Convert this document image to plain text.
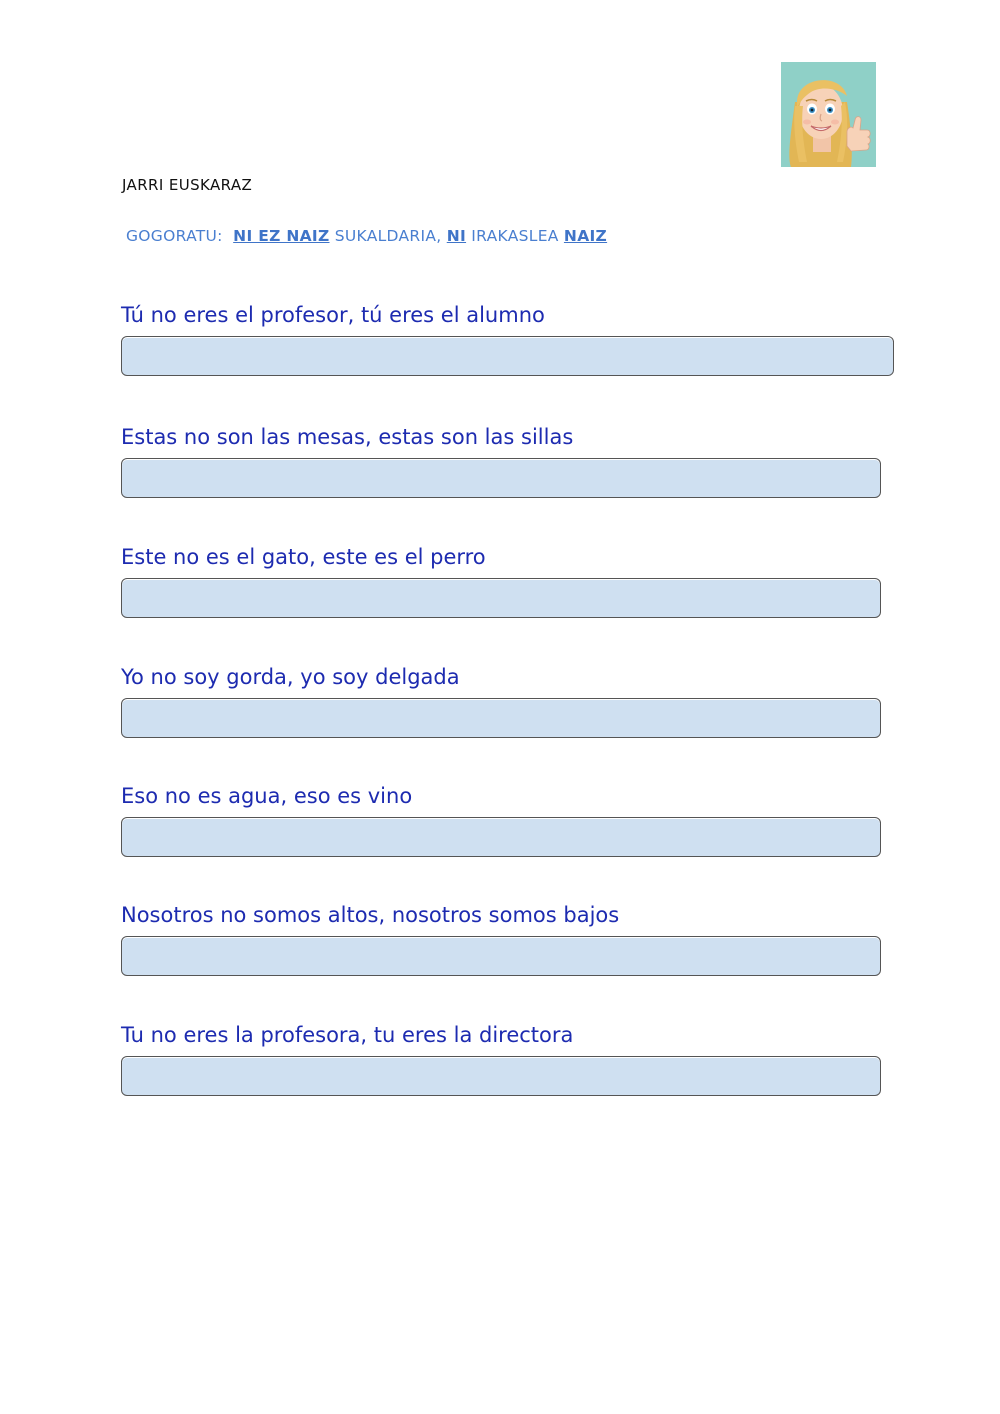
JARRI EUSKARAZ
GOGORATU: NI EZ NAIZ SUKALDARIA, NI IRAKASLEA NAIZ
Tú no eres el profesor, tú eres el alumno
Estas no son las mesas, estas son las sillas
Este no es el gato, este es el perro
Yo no soy gorda, yo soy delgada
Eso no es agua, eso es vino
Nosotros no somos altos, nosotros somos bajos
Tu no eres la profesora, tu eres la directora
